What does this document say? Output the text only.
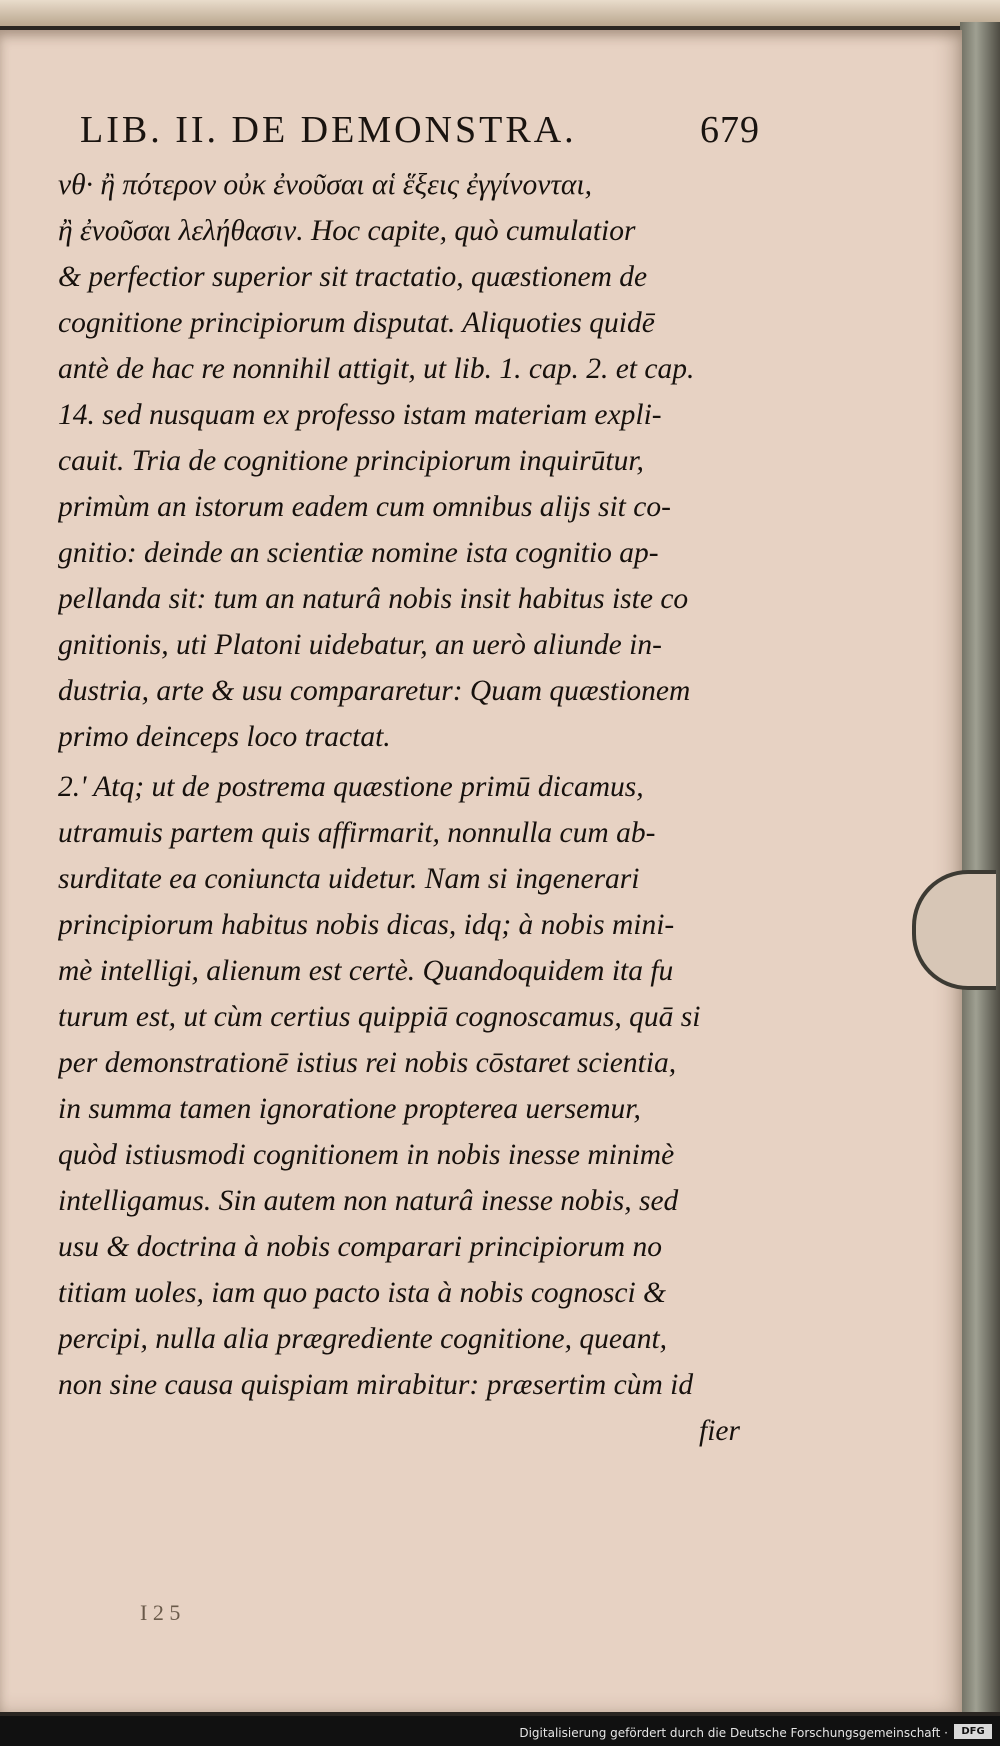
LIB. II. DE DEMONSTRA.	679
νθ· ἢ πότερον οὐκ ἐνοῦσαι αἱ ἕξεις ἐγγίνονται,
ἢ ἐνοῦσαι λελήθασιν. Hoc capite, quò cumulatior
& perfectior superior sit tractatio, quæstionem de
cognitione principiorum disputat. Aliquoties quidē
antè de hac re nonnihil attigit, ut lib. 1. cap. 2. et cap.
14. sed nusquam ex professo istam materiam expli-
cauit. Tria de cognitione principiorum inquirūtur,
primùm an istorum eadem cum omnibus alijs sit co-
gnitio: deinde an scientiæ nomine ista cognitio ap-
pellanda sit: tum an naturâ nobis insit habitus iste co
gnitionis, uti Platoni uidebatur, an uerò aliunde in-
dustria, arte & usu compararetur: Quam quæstionem
primo deinceps loco tractat.
2.' Atq; ut de postrema quæstione primū dicamus,
utramuis partem quis affirmarit, nonnulla cum ab-
surditate ea coniuncta uidetur. Nam si ingenerari
principiorum habitus nobis dicas, idq; à nobis mini-
mè intelligi, alienum est certè. Quandoquidem ita fu
turum est, ut cùm certius quippiā cognoscamus, quā si
per demonstrationē istius rei nobis cōstaret scientia,
in summa tamen ignoratione propterea uersemur,
quòd istiusmodi cognitionem in nobis inesse minimè
intelligamus. Sin autem non naturâ inesse nobis, sed
usu & doctrina à nobis comparari principiorum no
titiam uoles, iam quo pacto ista à nobis cognosci &
percipi, nulla alia prægrediente cognitione, queant,
non sine causa quispiam mirabitur: præsertim cùm id
fier
I 2 5
Digitalisierung gefördert durch die Deutsche Forschungsgemeinschaft ·	DFG
